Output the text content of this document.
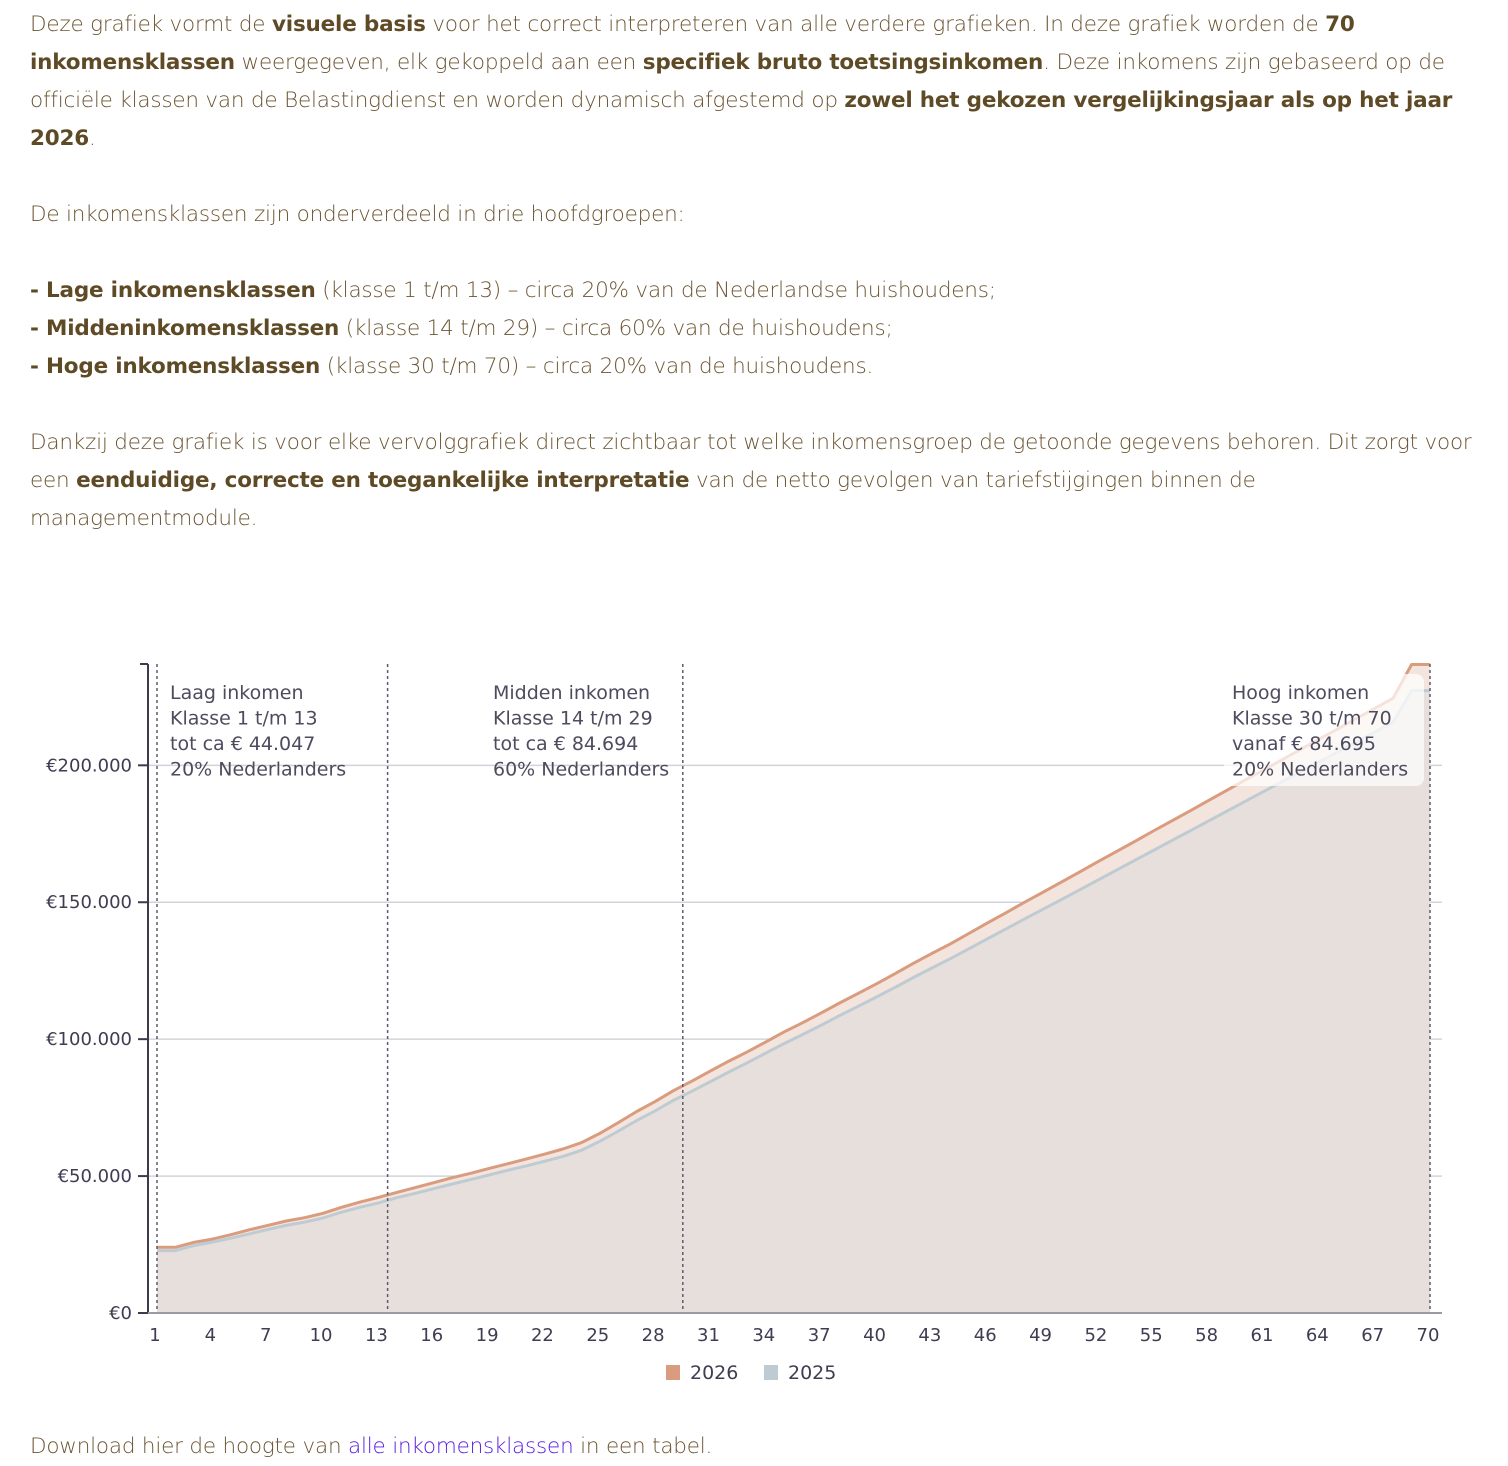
Deze grafiek vormt de visuele basis voor het correct interpreteren van alle verdere grafieken. In deze grafiek worden de 70 inkomensklassen weergegeven, elk gekoppeld aan een specifiek bruto toetsingsinkomen. Deze inkomens zijn gebaseerd op de officiële klassen van de Belastingdienst en worden dynamisch afgestemd op zowel het gekozen vergelijkingsjaar als op het jaar 2026.
De inkomensklassen zijn onderverdeeld in drie hoofdgroepen:
- Lage inkomensklassen (klasse 1 t/m 13) – circa 20% van de Nederlandse huishoudens;
- Middeninkomensklassen (klasse 14 t/m 29) – circa 60% van de huishoudens;
- Hoge inkomensklassen (klasse 30 t/m 70) – circa 20% van de huishoudens.
Dankzij deze grafiek is voor elke vervolggrafiek direct zichtbaar tot welke inkomensgroep de getoonde gegevens behoren. Dit zorgt voor een eenduidige, correcte en toegankelijke interpretatie van de netto gevolgen van tariefstijgingen binnen de managementmodule.
€0
€50.000
€100.000
€150.000
€200.000
1 4 7 10 13 16 19 22 25 28 31 34 37 40 43 46 49 52 55 58 61 64 67 70
Laag inkomen
Klasse 1 t/m 13
tot ca € 44.047
20% Nederlanders
Midden inkomen
Klasse 14 t/m 29
tot ca € 84.694
60% Nederlanders
Hoog inkomen
Klasse 30 t/m 70
vanaf € 84.695
20% Nederlanders
2026	2025
Download hier de hoogte van alle inkomensklassen in een tabel.
